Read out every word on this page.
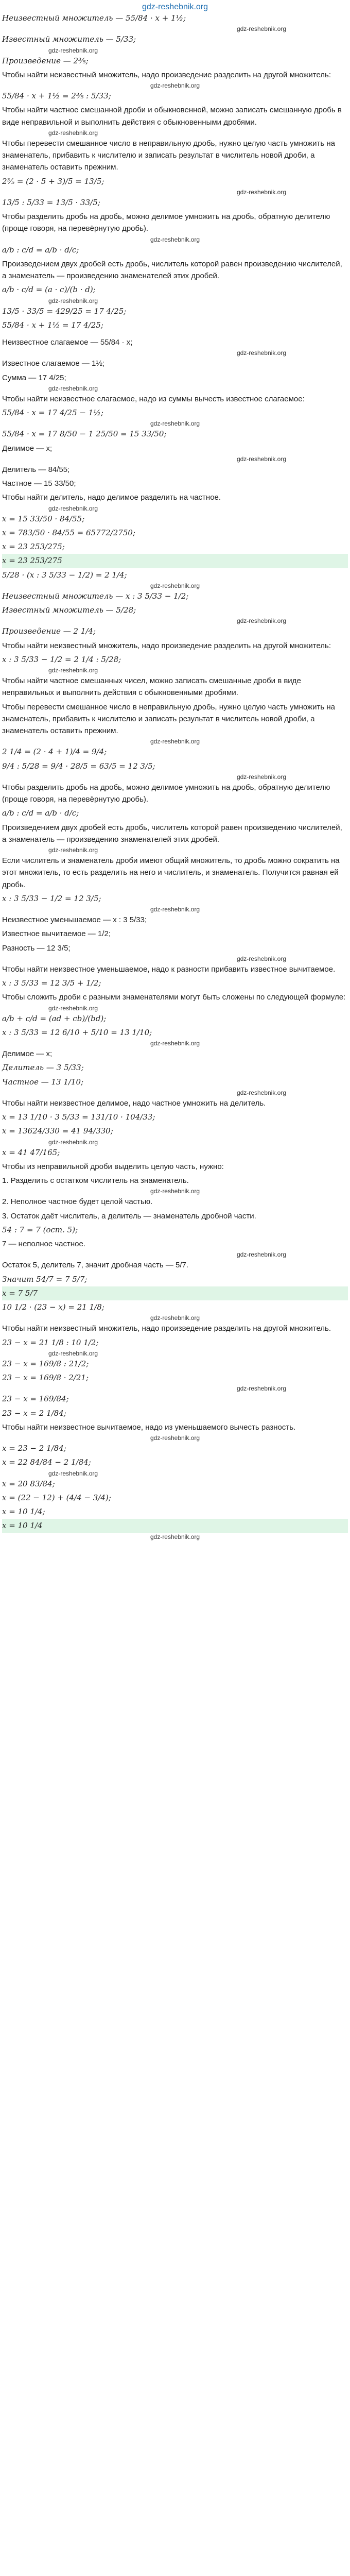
gdz-reshebnik.org
Неизвестный множитель — 55/84 · x + 1½;
gdz-reshebnik.org
Известный множитель — 5/33;
gdz-reshebnik.org
Произведение — 2⅗;
Чтобы найти неизвестный множитель, надо произведение разделить на другой множитель:
gdz-reshebnik.org
55/84 · x + 1½ = 2⅗ : 5/33;
Чтобы найти частное смешанной дроби и обыкновенной, можно записать смешанную дробь в виде неправильной и выполнить действия с обыкновенными дробями.
gdz-reshebnik.org
Чтобы перевести смешанное число в неправильную дробь, нужно целую часть умножить на знаменатель, прибавить к числителю и записать результат в числитель новой дроби, а знаменатель оставить прежним.
2⅗ = (2 · 5 + 3)/5 = 13/5;
gdz-reshebnik.org
13/5 : 5/33 = 13/5 · 33/5;
Чтобы разделить дробь на дробь, можно делимое умножить на дробь, обратную делителю (проще говоря, на перевёрнутую дробь).
gdz-reshebnik.org
a/b : c/d = a/b · d/c;
Произведением двух дробей есть дробь, числитель которой равен произведению числителей, а знаменатель — произведению знаменателей этих дробей.
a/b · c/d = (a · c)/(b · d);
gdz-reshebnik.org
13/5 · 33/5 = 429/25 = 17 4/25;
55/84 · x + 1½ = 17 4/25;
Неизвестное слагаемое — 55/84 · x;
gdz-reshebnik.org
Известное слагаемое — 1½;
Сумма — 17 4/25;
gdz-reshebnik.org
Чтобы найти неизвестное слагаемое, надо из суммы вычесть известное слагаемое:
55/84 · x = 17 4/25 − 1½;
gdz-reshebnik.org
55/84 · x = 17 8/50 − 1 25/50 = 15 33/50;
Делимое — x;
gdz-reshebnik.org
Делитель — 84/55;
Частное — 15 33/50;
Чтобы найти делитель, надо делимое разделить на частное.
gdz-reshebnik.org
x = 15 33/50 · 84/55;
x = 783/50 · 84/55 = 65772/2750;
x = 23 253/275;
x = 23 253/275
5/28 · (x : 3 5/33 − 1/2) = 2 1/4;
gdz-reshebnik.org
Неизвестный множитель — x : 3 5/33 − 1/2;
Известный множитель — 5/28;
gdz-reshebnik.org
Произведение — 2 1/4;
Чтобы найти неизвестный множитель, надо произведение разделить на другой множитель:
x : 3 5/33 − 1/2 = 2 1/4 : 5/28;
gdz-reshebnik.org
Чтобы найти частное смешанных чисел, можно записать смешанные дроби в виде неправильных и выполнить действия с обыкновенными дробями.
Чтобы перевести смешанное число в неправильную дробь, нужно целую часть умножить на знаменатель, прибавить к числителю и записать результат в числитель новой дроби, а знаменатель оставить прежним.
gdz-reshebnik.org
2 1/4 = (2 · 4 + 1)/4 = 9/4;
9/4 : 5/28 = 9/4 · 28/5 = 63/5 = 12 3/5;
gdz-reshebnik.org
Чтобы разделить дробь на дробь, можно делимое умножить на дробь, обратную делителю (проще говоря, на перевёрнутую дробь).
a/b : c/d = a/b · d/c;
Произведением двух дробей есть дробь, числитель которой равен произведению числителей, а знаменатель — произведению знаменателей этих дробей.
gdz-reshebnik.org
Если числитель и знаменатель дроби имеют общий множитель, то дробь можно сократить на этот множитель, то есть разделить на него и числитель, и знаменатель. Получится равная ей дробь.
x : 3 5/33 − 1/2 = 12 3/5;
gdz-reshebnik.org
Неизвестное уменьшаемое — x : 3 5/33;
Известное вычитаемое — 1/2;
Разность — 12 3/5;
gdz-reshebnik.org
Чтобы найти неизвестное уменьшаемое, надо к разности прибавить известное вычитаемое.
x : 3 5/33 = 12 3/5 + 1/2;
Чтобы сложить дроби с разными знаменателями могут быть сложены по следующей формуле:
gdz-reshebnik.org
a/b + c/d = (ad + cb)/(bd);
x : 3 5/33 = 12 6/10 + 5/10 = 13 1/10;
gdz-reshebnik.org
Делимое — x;
Делитель — 3 5/33;
Частное — 13 1/10;
gdz-reshebnik.org
Чтобы найти неизвестное делимое, надо частное умножить на делитель.
x = 13 1/10 · 3 5/33 = 131/10 · 104/33;
x = 13624/330 = 41 94/330;
gdz-reshebnik.org
x = 41 47/165;
Чтобы из неправильной дроби выделить целую часть, нужно:
1. Разделить с остатком числитель на знаменатель.
gdz-reshebnik.org
2. Неполное частное будет целой частью.
3. Остаток даёт числитель, а делитель — знаменатель дробной части.
54 : 7 = 7 (ост. 5);
7 — неполное частное.
gdz-reshebnik.org
Остаток 5, делитель 7, значит дробная часть — 5/7.
Значит 54/7 = 7 5/7;
x = 7 5/7
10 1/2 · (23 − x) = 21 1/8;
gdz-reshebnik.org
Чтобы найти неизвестный множитель, надо произведение разделить на другой множитель.
23 − x = 21 1/8 : 10 1/2;
gdz-reshebnik.org
23 − x = 169/8 : 21/2;
23 − x = 169/8 · 2/21;
gdz-reshebnik.org
23 − x = 169/84;
23 − x = 2 1/84;
Чтобы найти неизвестное вычитаемое, надо из уменьшаемого вычесть разность.
gdz-reshebnik.org
x = 23 − 2 1/84;
x = 22 84/84 − 2 1/84;
gdz-reshebnik.org
x = 20 83/84;
x = (22 − 12) + (4/4 − 3/4);
x = 10 1/4;
x = 10 1/4
gdz-reshebnik.org
